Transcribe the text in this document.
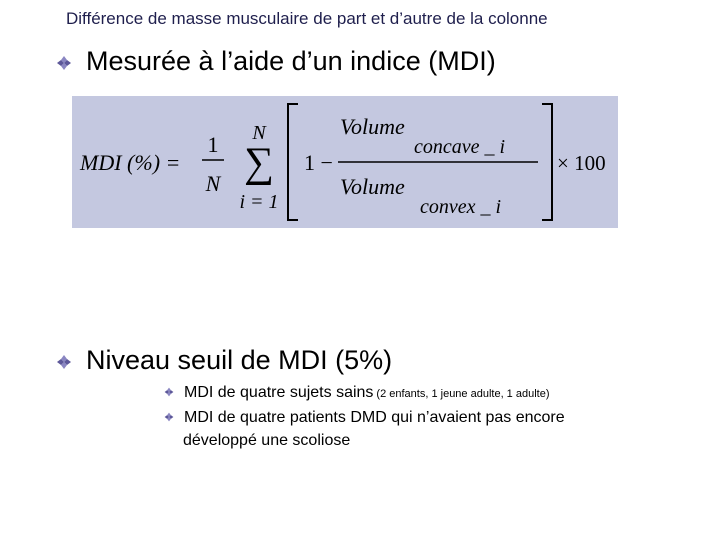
Différence de masse musculaire de part et d’autre de la colonne
Mesurée à l’aide d’un indice (MDI)
MDI (%) =
1
N
N
∑
i = 1
1 −
Volume
concave _ i
Volume
convex _ i
× 100
Niveau seuil de MDI (5%)
MDI de quatre sujets sains (2 enfants, 1 jeune adulte, 1 adulte)
MDI de quatre patients DMD qui n’avaient pas encore
développé une scoliose
